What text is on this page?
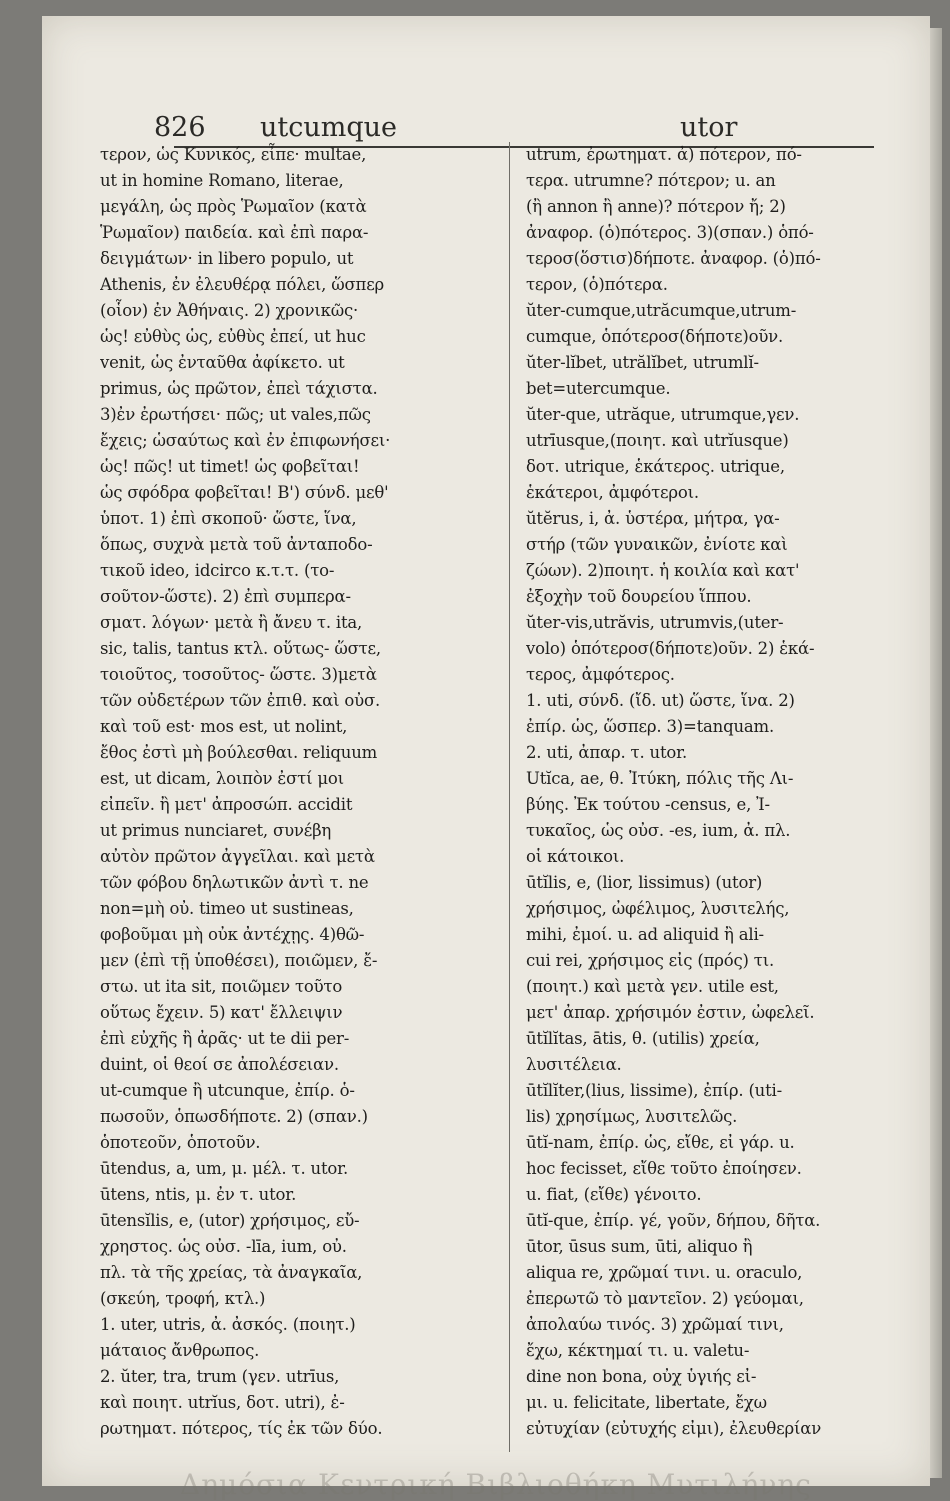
826 utcumque	utor
τερον, ὡς Κυνικός, εἶπε· multae,
ut in homine Romano, literae,
μεγάλη, ὡς πρὸς Ῥωμαῖον (κατὰ
Ῥωμαῖον) παιδεία. καὶ ἐπὶ παρα-
δειγμάτων· in libero populo, ut
Athenis, ἐν ἐλευθέρᾳ πόλει, ὥσπερ
(οἷον) ἐν Ἀθήναις. 2) χρονικῶς·
ὡς! εὐθὺς ὡς, εὐθὺς ἐπεί, ut huc
venit, ὡς ἐνταῦθα ἀφίκετο. ut
primus, ὡς πρῶτον, ἐπεὶ τάχιστα.
3)ἐν ἐρωτήσει· πῶς; ut vales,πῶς
ἔχεις; ὡσαύτως καὶ ἐν ἐπιφωνήσει·
ὡς! πῶς! ut timet! ὡς φοβεῖται!
ὡς σφόδρα φοβεῖται! Β') σύνδ. μεθ'
ὑποτ. 1) ἐπὶ σκοποῦ· ὥστε, ἵνα,
ὅπως, συχνὰ μετὰ τοῦ ἀνταποδο-
τικοῦ ideo, idcirco κ.τ.τ. (το-
σοῦτον-ὥστε). 2) ἐπὶ συμπερα-
σματ. λόγων· μετὰ ἢ ἄνευ τ. ita,
sic, talis, tantus κτλ. οὕτως- ὥστε,
τοιοῦτος, τοσοῦτος- ὥστε. 3)μετὰ
τῶν οὐδετέρων τῶν ἐπιθ. καὶ οὐσ.
καὶ τοῦ est· mos est, ut nolint,
ἔθος ἐστὶ μὴ βούλεσθαι. reliquum
est, ut dicam, λοιπὸν ἐστί μοι
εἰπεῖν. ἢ μετ' ἀπροσώπ. accidit
ut primus nunciaret, συνέβη
αὐτὸν πρῶτον ἀγγεῖλαι. καὶ μετὰ
τῶν φόβου δηλωτικῶν ἀντὶ τ. ne
non=μὴ οὐ. timeo ut sustineas,
φοβοῦμαι μὴ οὐκ ἀντέχῃς. 4)θῶ-
μεν (ἐπὶ τῇ ὑποθέσει), ποιῶμεν, ἔ-
στω. ut ita sit, ποιῶμεν τοῦτο
οὕτως ἔχειν. 5) κατ' ἔλλειψιν
ἐπὶ εὐχῆς ἢ ἀρᾶς· ut te dii per-
duint, οἱ θεοί σε ἀπολέσειαν.
ut-cumque ἢ utcunque, ἐπίρ. ὁ-
πωσοῦν, ὁπωσδήποτε. 2) (σπαν.)
ὁποτεοῦν, ὁποτοῦν.
ūtendus, a, um, μ. μέλ. τ. utor.
ūtens, ntis, μ. ἐν τ. utor.
ūtensĭlis, e, (utor) χρήσιμος, εὔ-
χρηστος. ὡς οὐσ. -līa, ium, οὐ.
πλ. τὰ τῆς χρείας, τὰ ἀναγκαῖα,
(σκεύη, τροφή, κτλ.)
1. uter, utris, ἀ. ἀσκός. (ποιητ.)
μάταιος ἄνθρωπος.
2. ŭter, tra, trum (γεν. utrīus,
καὶ ποιητ. utrĭus, δοτ. utri), ἐ-
ρωτηματ. πότερος, τίς ἐκ τῶν δύο.
utrum, ἐρωτηματ. ἀ) πότερον, πό-
τερα. utrumne? πότερον; u. an
(ἢ annon ἢ anne)? πότερον ἤ; 2)
ἀναφορ. (ὁ)πότερος. 3)(σπαν.) ὁπό-
τεροσ(ὅστισ)δήποτε. ἀναφορ. (ὁ)πό-
τερον, (ὁ)πότερα.
ŭter-cumque,utrăcumque,utrum-
cumque, ὁπότεροσ(δήποτε)οῦν.
ŭter-lĭbet, utrălĭbet, utrumlĭ-
bet=utercumque.
ŭter-que, utrăque, utrumque,γεν.
utrīusque,(ποιητ. καὶ utrĭusque)
δοτ. utrique, ἑκάτερος. utrique,
ἑκάτεροι, ἀμφότεροι.
ŭtĕrus, i, ἀ. ὑστέρα, μήτρα, γα-
στήρ (τῶν γυναικῶν, ἐνίοτε καὶ
ζώων). 2)ποιητ. ἡ κοιλία καὶ κατ'
ἐξοχὴν τοῦ δουρείου ἵππου.
ŭter-vis,utrăvis, utrumvis,(uter-
volo) ὁπότεροσ(δήποτε)οῦν. 2) ἑκά-
τερος, ἀμφότερος.
1. uti, σύνδ. (ἴδ. ut) ὥστε, ἵνα. 2)
ἐπίρ. ὡς, ὥσπερ. 3)=tanquam.
2. uti, ἀπαρ. τ. utor.
Utĭca, ae, θ. Ἰτύκη, πόλις τῆς Λι-
βύης. Ἐκ τούτου -census, e, Ἰ-
τυκαῖος, ὡς οὐσ. -es, ium, ἀ. πλ.
οἱ κάτοικοι.
ūtĭlis, e, (lior, lissimus) (utor)
χρήσιμος, ὠφέλιμος, λυσιτελής,
mihi, ἐμοί. u. ad aliquid ἢ ali-
cui rei, χρήσιμος εἰς (πρός) τι.
(ποιητ.) καὶ μετὰ γεν. utile est,
μετ' ἀπαρ. χρήσιμόν ἐστιν, ὠφελεῖ.
ūtĭlĭtas, ātis, θ. (utilis) χρεία,
λυσιτέλεια.
ūtĭlĭter,(lius, lissime), ἐπίρ. (uti-
lis) χρησίμως, λυσιτελῶς.
ūtĭ-nam, ἐπίρ. ὡς, εἴθε, εἰ γάρ. u.
hoc fecisset, εἴθε τοῦτο ἐποίησεν.
u. fiat, (εἴθε) γένοιτο.
ūtĭ-que, ἐπίρ. γέ, γοῦν, δήπου, δῆτα.
ūtor, ūsus sum, ūti, aliquo ἢ
aliqua re, χρῶμαί τινι. u. oraculo,
ἐπερωτῶ τὸ μαντεῖον. 2) γεύομαι,
ἀπολαύω τινός. 3) χρῶμαί τινι,
ἔχω, κέκτημαί τι. u. valetu-
dine non bona, οὐχ ὑγιής εἰ-
μι. u. felicitate, libertate, ἔχω
εὐτυχίαν (εὐτυχής εἰμι), ἐλευθερίαν
Δημόσια Κεντρική Βιβλιοθήκη Μυτιλήνης
